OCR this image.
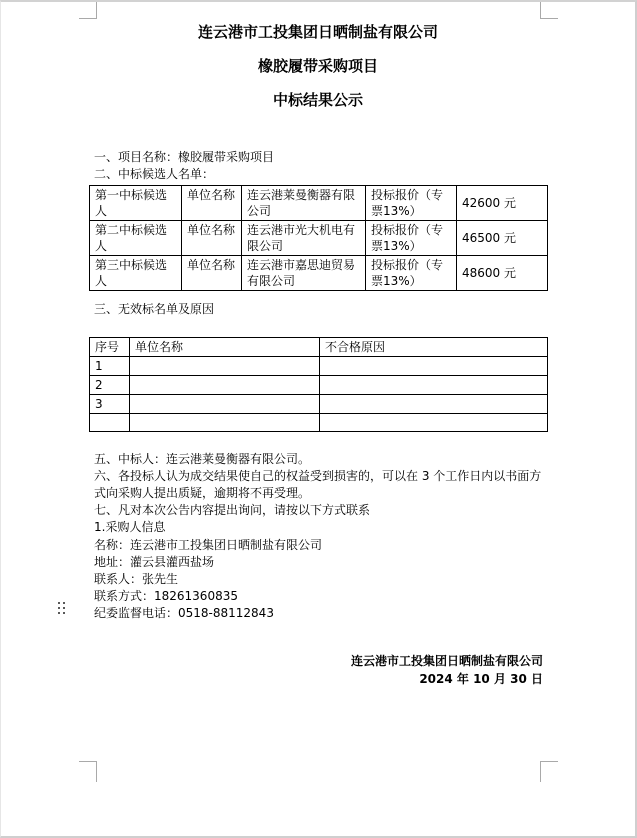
连云港市工投集团日晒制盐有限公司
橡胶履带采购项目
中标结果公示
一、项目名称：橡胶履带采购项目
二、中标候选人名单：
第一中标候选人	单位名称	连云港莱曼衡器有限公司	投标报价（专票13%）	42600 元
第二中标候选人	单位名称	连云港市光大机电有限公司	投标报价（专票13%）	46500 元
第三中标候选人	单位名称	连云港市嘉思迪贸易有限公司	投标报价（专票13%）	48600 元
三、无效标名单及原因
序号	单位名称	不合格原因
1		
2		
3		

五、中标人：连云港莱曼衡器有限公司。
六、各投标人认为成交结果使自己的权益受到损害的，可以在 3 个工作日内以书面方式向采购人提出质疑，逾期将不再受理。
七、凡对本次公告内容提出询问，请按以下方式联系
1.采购人信息
名称：连云港市工投集团日晒制盐有限公司
地址：灌云县灌西盐场
联系人：张先生
联系方式：18261360835
纪委监督电话：0518-88112843
连云港市工投集团日晒制盐有限公司
2024 年 10 月 30 日
